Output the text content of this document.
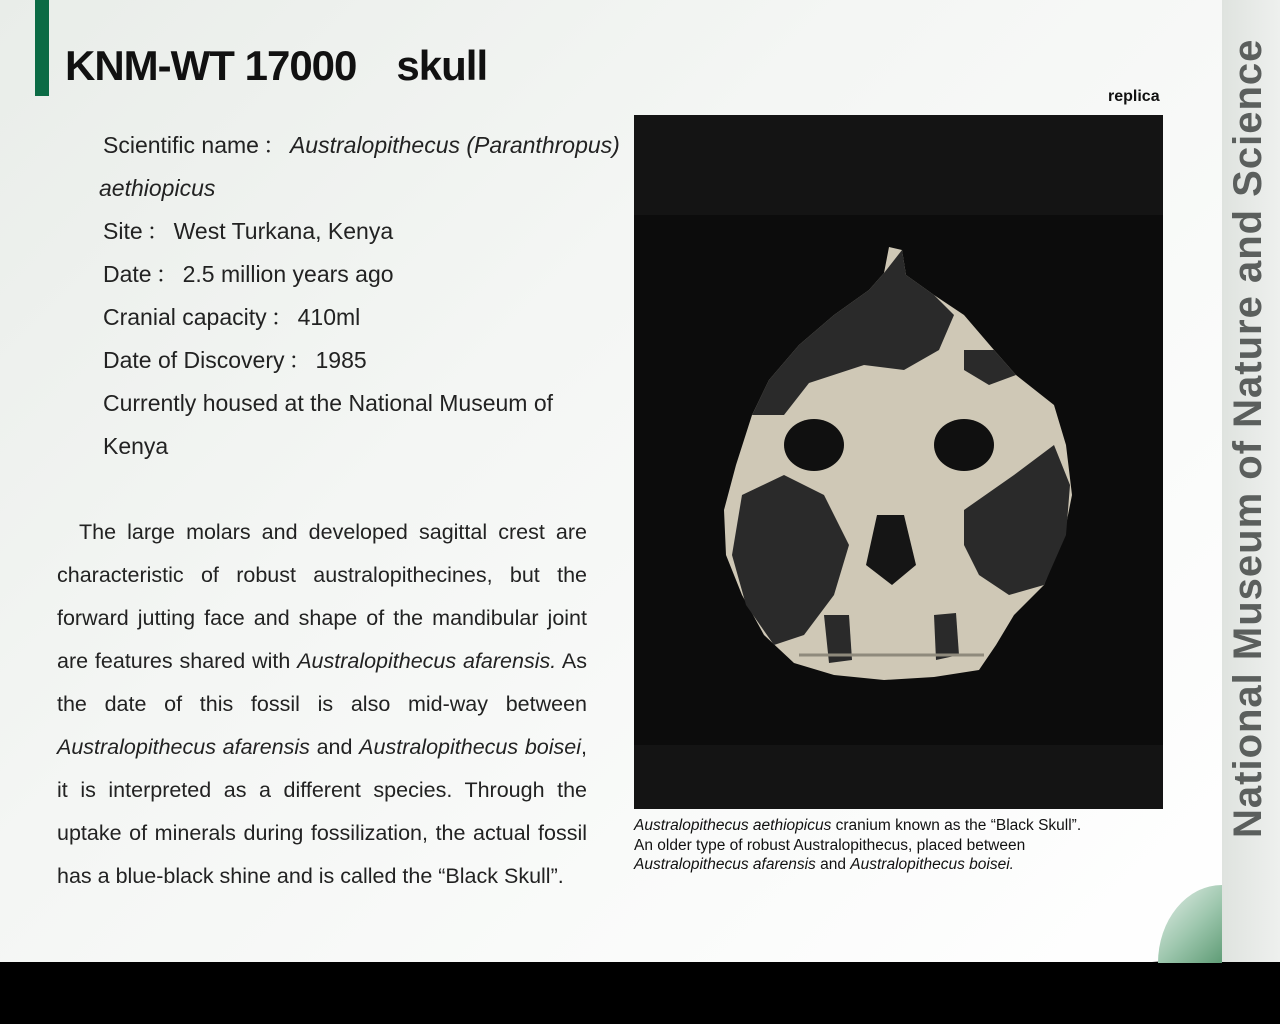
KNM-WT 17000 skull
Scientific name ： Australopithecus (Paranthropus)
aethiopicus
Site ： West Turkana, Kenya
Date ： 2.5 million years ago
Cranial capacity ： 410ml
Date of Discovery ： 1985
Currently housed at the National Museum of Kenya

The large molars and developed sagittal crest are characteristic of robust australopithecines, but the forward jutting face and shape of the mandibular joint are features shared with Australopithecus afarensis. As the date of this fossil is also mid-way between Australopithecus afarensis and Australopithecus boisei, it is interpreted as a different species. Through the uptake of minerals during fossilization, the actual fossil has a blue-black shine and is called the “Black Skull”.

replica
Australopithecus aethiopicus cranium known as the “Black Skull”.
An older type of robust Australopithecus, placed between
Australopithecus afarensis and Australopithecus boisei.
National Museum of Nature and Science
